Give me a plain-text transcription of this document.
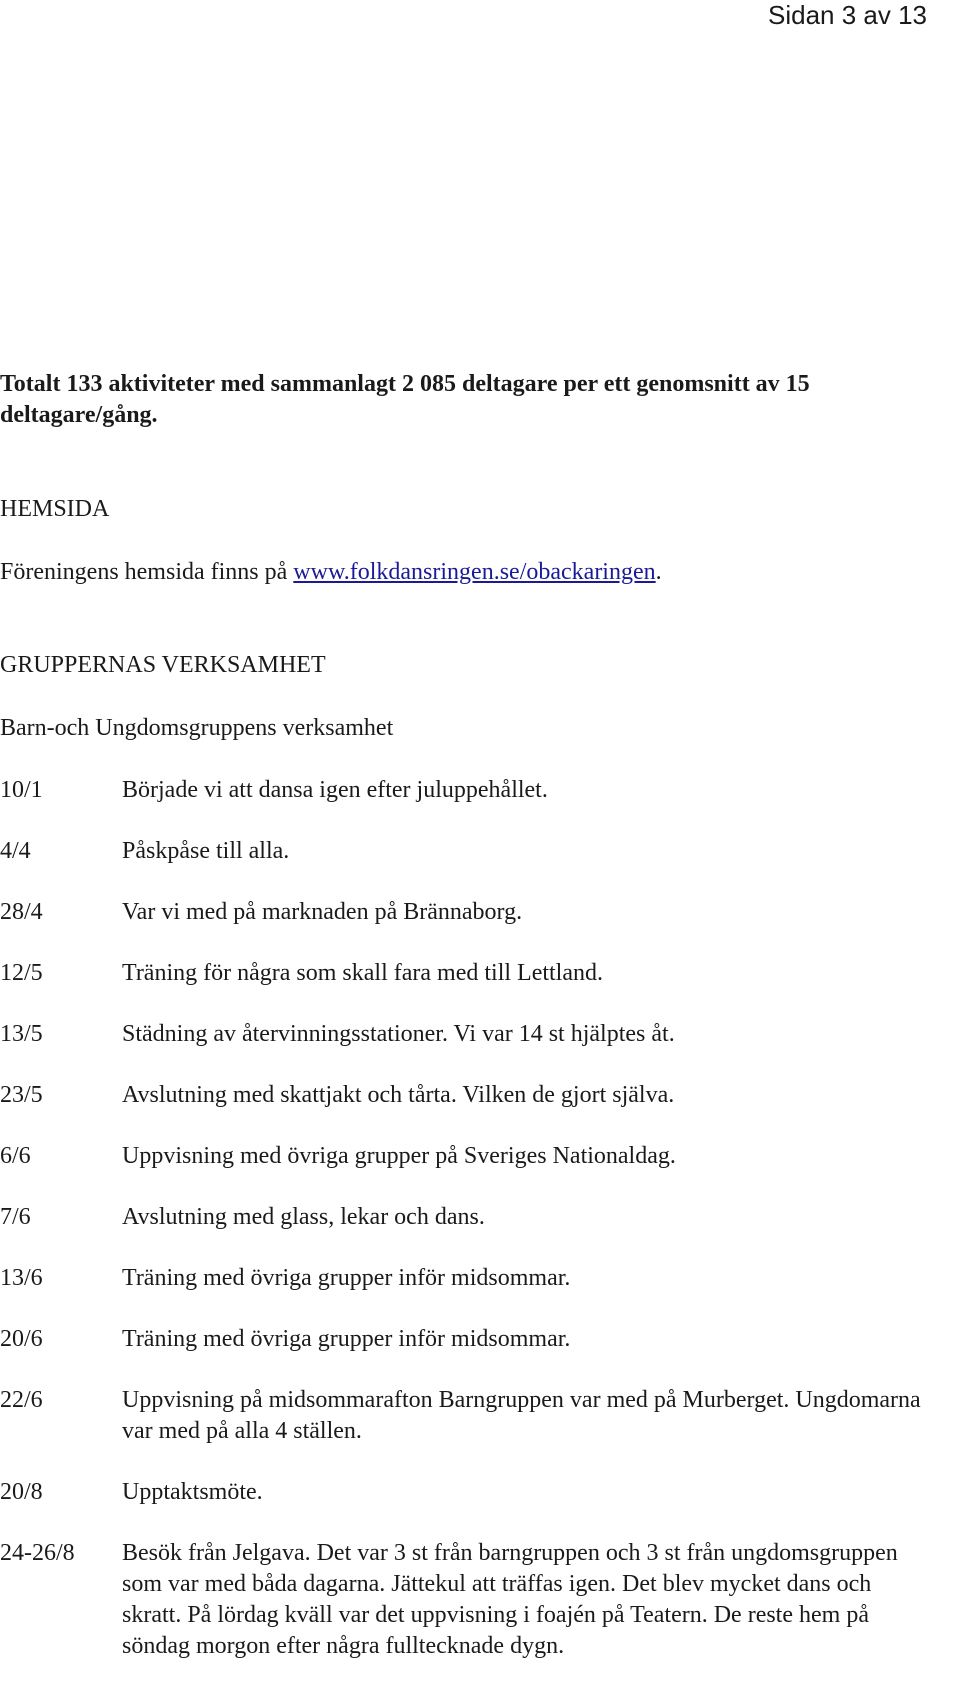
Sidan 3 av 13
Totalt 133 aktiviteter med sammanlagt 2 085 deltagare per ett genomsnitt av 15 deltagare/gång.
HEMSIDA
Föreningens hemsida finns på www.folkdansringen.se/obackaringen.
GRUPPERNAS VERKSAMHET
Barn-och Ungdomsgruppens verksamhet
10/1	Började vi att dansa igen efter juluppehållet.
4/4	Påskpåse till alla.
28/4	Var vi med på marknaden på Brännaborg.
12/5	Träning för några som skall fara med till Lettland.
13/5	Städning av återvinningsstationer. Vi var 14 st hjälptes åt.
23/5	Avslutning med skattjakt och tårta. Vilken de gjort själva.
6/6	Uppvisning med övriga grupper på Sveriges Nationaldag.
7/6	Avslutning med glass, lekar och dans.
13/6	Träning med övriga grupper inför midsommar.
20/6	Träning med övriga grupper inför midsommar.
22/6	Uppvisning på midsommarafton Barngruppen var med på Murberget. Ungdomarna var med på alla 4 ställen.
20/8	Upptaktsmöte.
24-26/8 Besök från Jelgava. Det var 3 st från barngruppen och 3 st från ungdomsgruppen som var med båda dagarna. Jättekul att träffas igen. Det blev mycket dans och skratt. På lördag kväll var det uppvisning i foajén på Teatern. De reste hem på söndag morgon efter några fulltecknade dygn.
